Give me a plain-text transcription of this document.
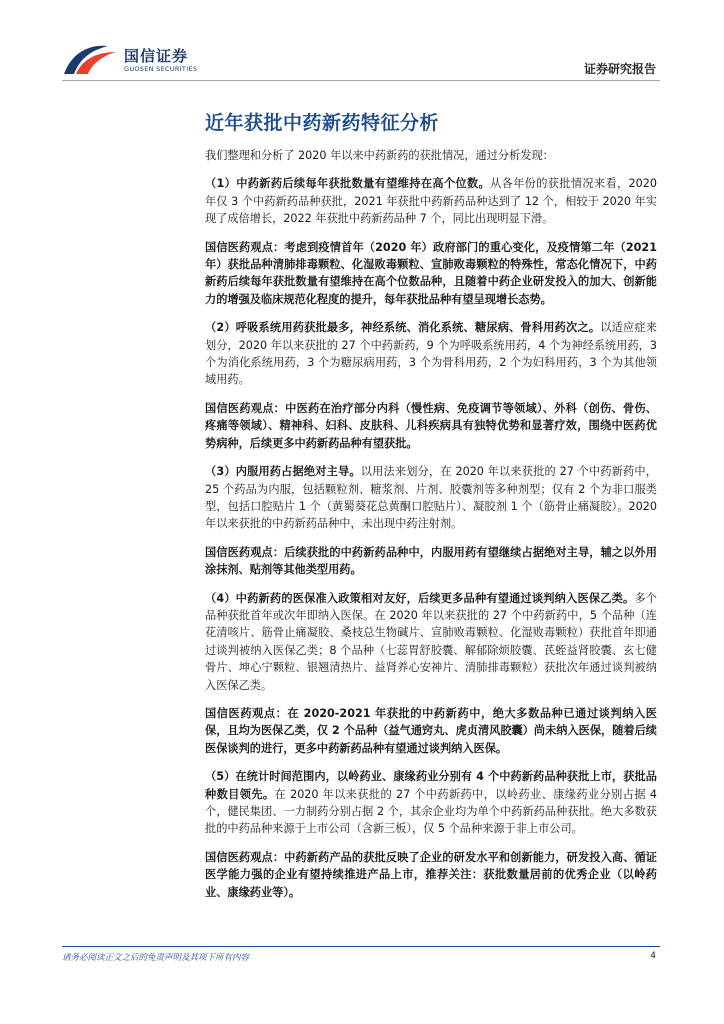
国信证券
GUOSEN SECURITIES	证券研究报告
近年获批中药新药特征分析

我们整理和分析了 2020 年以来中药新药的获批情况，通过分析发现：

（1）中药新药后续每年获批数量有望维持在高个位数。从各年份的获批情况来看，2020 年仅 3 个中药新药品种获批，2021 年获批中药新药品种达到了 12 个，相较于 2020 年实现了成倍增长，2022 年获批中药新药品种 7 个，同比出现明显下滑。

国信医药观点：考虑到疫情首年（2020 年）政府部门的重心变化，及疫情第二年（2021 年）获批品种清肺排毒颗粒、化湿败毒颗粒、宣肺败毒颗粒的特殊性，常态化情况下，中药新药后续每年获批数量有望维持在高个位数品种，且随着中药企业研发投入的加大、创新能力的增强及临床规范化程度的提升，每年获批品种有望呈现增长态势。

（2）呼吸系统用药获批最多，神经系统、消化系统、糖尿病、骨科用药次之。以适应症来划分，2020 年以来获批的 27 个中药新药，9 个为呼吸系统用药，4 个为神经系统用药，3 个为消化系统用药，3 个为糖尿病用药，3 个为骨科用药，2 个为妇科用药，3 个为其他领域用药。

国信医药观点：中医药在治疗部分内科（慢性病、免疫调节等领域）、外科（创伤、骨伤、疼痛等领域）、精神科、妇科、皮肤科、儿科疾病具有独特优势和显著疗效，围绕中医药优势病种，后续更多中药新药品种有望获批。

（3）内服用药占据绝对主导。以用法来划分，在 2020 年以来获批的 27 个中药新药中，25 个药品为内服，包括颗粒剂、糖浆剂、片剂、胶囊剂等多种剂型；仅有 2 个为非口服类型，包括口腔贴片 1 个（黄蜀葵花总黄酮口腔贴片）、凝胶剂 1 个（筋骨止痛凝胶）。2020 年以来获批的中药新药品种中，未出现中药注射剂。

国信医药观点：后续获批的中药新药品种中，内服用药有望继续占据绝对主导，辅之以外用涂抹剂、贴剂等其他类型用药。

（4）中药新药的医保准入政策相对友好，后续更多品种有望通过谈判纳入医保乙类。多个品种获批首年或次年即纳入医保。在 2020 年以来获批的 27 个中药新药中，5 个品种（连花清咳片、筋骨止痛凝胶、桑枝总生物碱片、宣肺败毒颗粒、化湿败毒颗粒）获批首年即通过谈判被纳入医保乙类；8 个品种（七蕊胃舒胶囊、解郁除烦胶囊、芪蛭益肾胶囊、玄七健骨片、坤心宁颗粒、银翘清热片、益肾养心安神片、清肺排毒颗粒）获批次年通过谈判被纳入医保乙类。

国信医药观点：在 2020-2021 年获批的中药新药中，绝大多数品种已通过谈判纳入医保，且均为医保乙类，仅 2 个品种（益气通窍丸、虎贞清风胶囊）尚未纳入医保，随着后续医保谈判的进行，更多中药新药品种有望通过谈判纳入医保。

（5）在统计时间范围内，以岭药业、康缘药业分别有 4 个中药新药品种获批上市，获批品种数目领先。在 2020 年以来获批的 27 个中药新药中，以岭药业、康缘药业分别占据 4 个，健民集团、一力制药分别占据 2 个，其余企业均为单个中药新药品种获批。绝大多数获批的中药品种来源于上市公司（含新三板），仅 5 个品种来源于非上市公司。

国信医药观点：中药新药产品的获批反映了企业的研发水平和创新能力，研发投入高、循证医学能力强的企业有望持续推进产品上市，推荐关注：获批数量居前的优秀企业（以岭药业、康缘药业等）。

请务必阅读正文之后的免责声明及其项下所有内容	4
